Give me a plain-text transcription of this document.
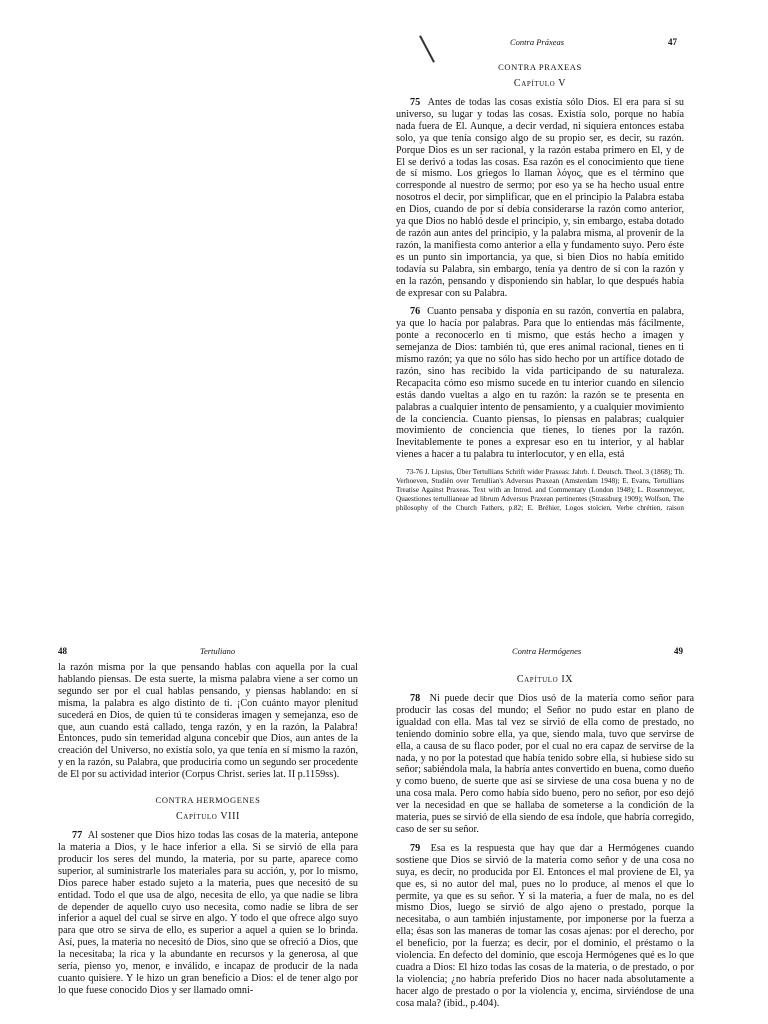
Contra Práxeas	47

CONTRA PRAXEAS

Capítulo V

75 Antes de todas las cosas existía sólo Dios. El era para sí su universo, su lugar y todas las cosas. Existía solo, porque no había nada fuera de El. Aunque, a decir verdad, ni siquiera entonces estaba solo, ya que tenía consigo algo de su propio ser, es decir, su razón. Porque Dios es un ser racional, y la razón estaba primero en El, y de El se derivó a todas las cosas. Esa razón es el conocimiento que tiene de sí mismo. Los griegos lo llaman λόγος, que es el término que corresponde al nuestro de sermo; por eso ya se ha hecho usual entre nosotros el decir, por simplificar, que en el principio la Palabra estaba en Dios, cuando de por sí debía considerarse la razón como anterior, ya que Dios no habló desde el principio, y, sin embargo, estaba dotado de razón aun antes del principio, y la palabra misma, al provenir de la razón, la manifiesta como anterior a ella y fundamento suyo. Pero éste es un punto sin importancia, ya que, si bien Dios no había emitido todavía su Palabra, sin embargo, tenía ya dentro de sí con la razón y en la razón, pensando y disponiendo sin hablar, lo que después había de expresar con su Palabra.

76 Cuanto pensaba y disponía en su razón, convertía en palabra, ya que lo hacía por palabras. Para que lo entiendas más fácilmente, ponte a reconocerlo en ti mismo, que estás hecho a imagen y semejanza de Dios: también tú, que eres animal racional, tienes en ti mismo razón; ya que no sólo has sido hecho por un artífice dotado de razón, sino has recibido la vida participando de su naturaleza. Recapacita cómo eso mismo sucede en tu interior cuando en silencio estás dando vueltas a algo en tu razón: la razón se te presenta en palabras a cualquier intento de pensamiento, y a cualquier movimiento de la conciencia. Cuanto piensas, lo piensas en palabras; cualquier movimiento de conciencia que tienes, lo tienes por la razón. Inevitablemente te pones a expresar eso en tu interior, y al hablar vienes a hacer a tu palabra tu interlocutor, y en ella, está

73-76 J. Lipsius, Über Tertullians Schrift wider Praxeas: Jahrb. f. Deutsch. Theol. 3 (1868); Th. Verhoeven, Studiën over Tertullian's Adversus Praxean (Amsterdam 1948); E. Evans, Tertullians Treatise Against Praxeas. Text with an Introd. and Commentary (London 1948); L. Rosenmeyer, Quaestiones tertullianeae ad librum Adversus Praxean pertinentes (Strassburg 1909); Wolfson, The philosophy of the Church Fathers, p.82; E. Bréhier, Logos stoïcien, Verbe chrétien, raison

48	Tertuliano

la razón misma por la que pensando hablas con aquella por la cual hablando piensas. De esta suerte, la misma palabra viene a ser como un segundo ser por el cual hablas pensando, y piensas hablando: en sí misma, la palabra es algo distinto de ti. ¡Con cuánto mayor plenitud sucederá en Dios, de quien tú te consideras imagen y semejanza, eso de que, aun cuando está callado, tenga razón, y en la razón, la Palabra! Entonces, pudo sin temeridad alguna concebir que Dios, aun antes de la creación del Universo, no existía solo, ya que tenía en sí mismo la razón, y en la razón, su Palabra, que produciría como un segundo ser procedente de El por su actividad interior (Corpus Christ. series lat. II p.1159ss).

CONTRA HERMOGENES

Capítulo VIII

77 Al sostener que Dios hizo todas las cosas de la materia, antepone la materia a Dios, y le hace inferior a ella. Si se sirvió de ella para producir los seres del mundo, la materia, por su parte, aparece como superior, al suministrarle los materiales para su acción, y, por lo mismo, Dios parece haber estado sujeto a la materia, pues que necesitó de su entidad. Todo el que usa de algo, necesita de ello, ya que nadie se libra de depender de aquello cuyo uso necesita, como nadie se libra de ser inferior a aquel del cual se sirve en algo. Y todo el que ofrece algo suyo para que otro se sirva de ello, es superior a aquel a quien se lo brinda. Así, pues, la materia no necesitó de Dios, sino que se ofreció a Dios, que la necesitaba; la rica y la abundante en recursos y la generosa, al que sería, pienso yo, menor, e inválido, e incapaz de producir de la nada cuanto quisiere. Y le hizo un gran beneficio a Dios: el de tener algo por lo que fuese conocido Dios y ser llamado omni-

Contra Hermógenes	49

Capítulo IX

78 Ni puede decir que Dios usó de la materia como señor para producir las cosas del mundo; el Señor no pudo estar en plano de igualdad con ella. Mas tal vez se sirvió de ella como de prestado, no teniendo dominio sobre ella, ya que, siendo mala, tuvo que servirse de ella, a causa de su flaco poder, por el cual no era capaz de servirse de la nada, y no por la potestad que había tenido sobre ella, si hubiese sido su señor; sabiéndola mala, la habría antes convertido en buena, como dueño y como bueno, de suerte que así se sirviese de una cosa buena y no de una cosa mala. Pero como había sido bueno, pero no señor, por eso dejó ver la necesidad en que se hallaba de someterse a la condición de la materia, pues se sirvió de ella siendo de esa índole, que habría corregido, caso de ser su señor.

79 Esa es la respuesta que hay que dar a Hermógenes cuando sostiene que Dios se sirvió de la materia como señor y de una cosa no suya, es decir, no producida por El. Entonces el mal proviene de El, ya que es, si no autor del mal, pues no lo produce, al menos el que lo permite, ya que es su señor. Y si la materia, a fuer de mala, no es del mismo Dios, luego se sirvió de algo ajeno o prestado, porque la necesitaba, o aun también injustamente, por imponerse por la fuerza a ella; ésas son las maneras de tomar las cosas ajenas: por el derecho, por el beneficio, por la fuerza; es decir, por el dominio, el préstamo o la violencia. En defecto del dominio, que escoja Hermógenes qué es lo que cuadra a Dios: El hizo todas las cosas de la materia, o de prestado, o por la violencia; ¿no habría preferido Dios no hacer nada absolutamente a hacer algo de prestado o por la violencia y, encima, sirviéndose de una cosa mala? (ibid., p.404).
